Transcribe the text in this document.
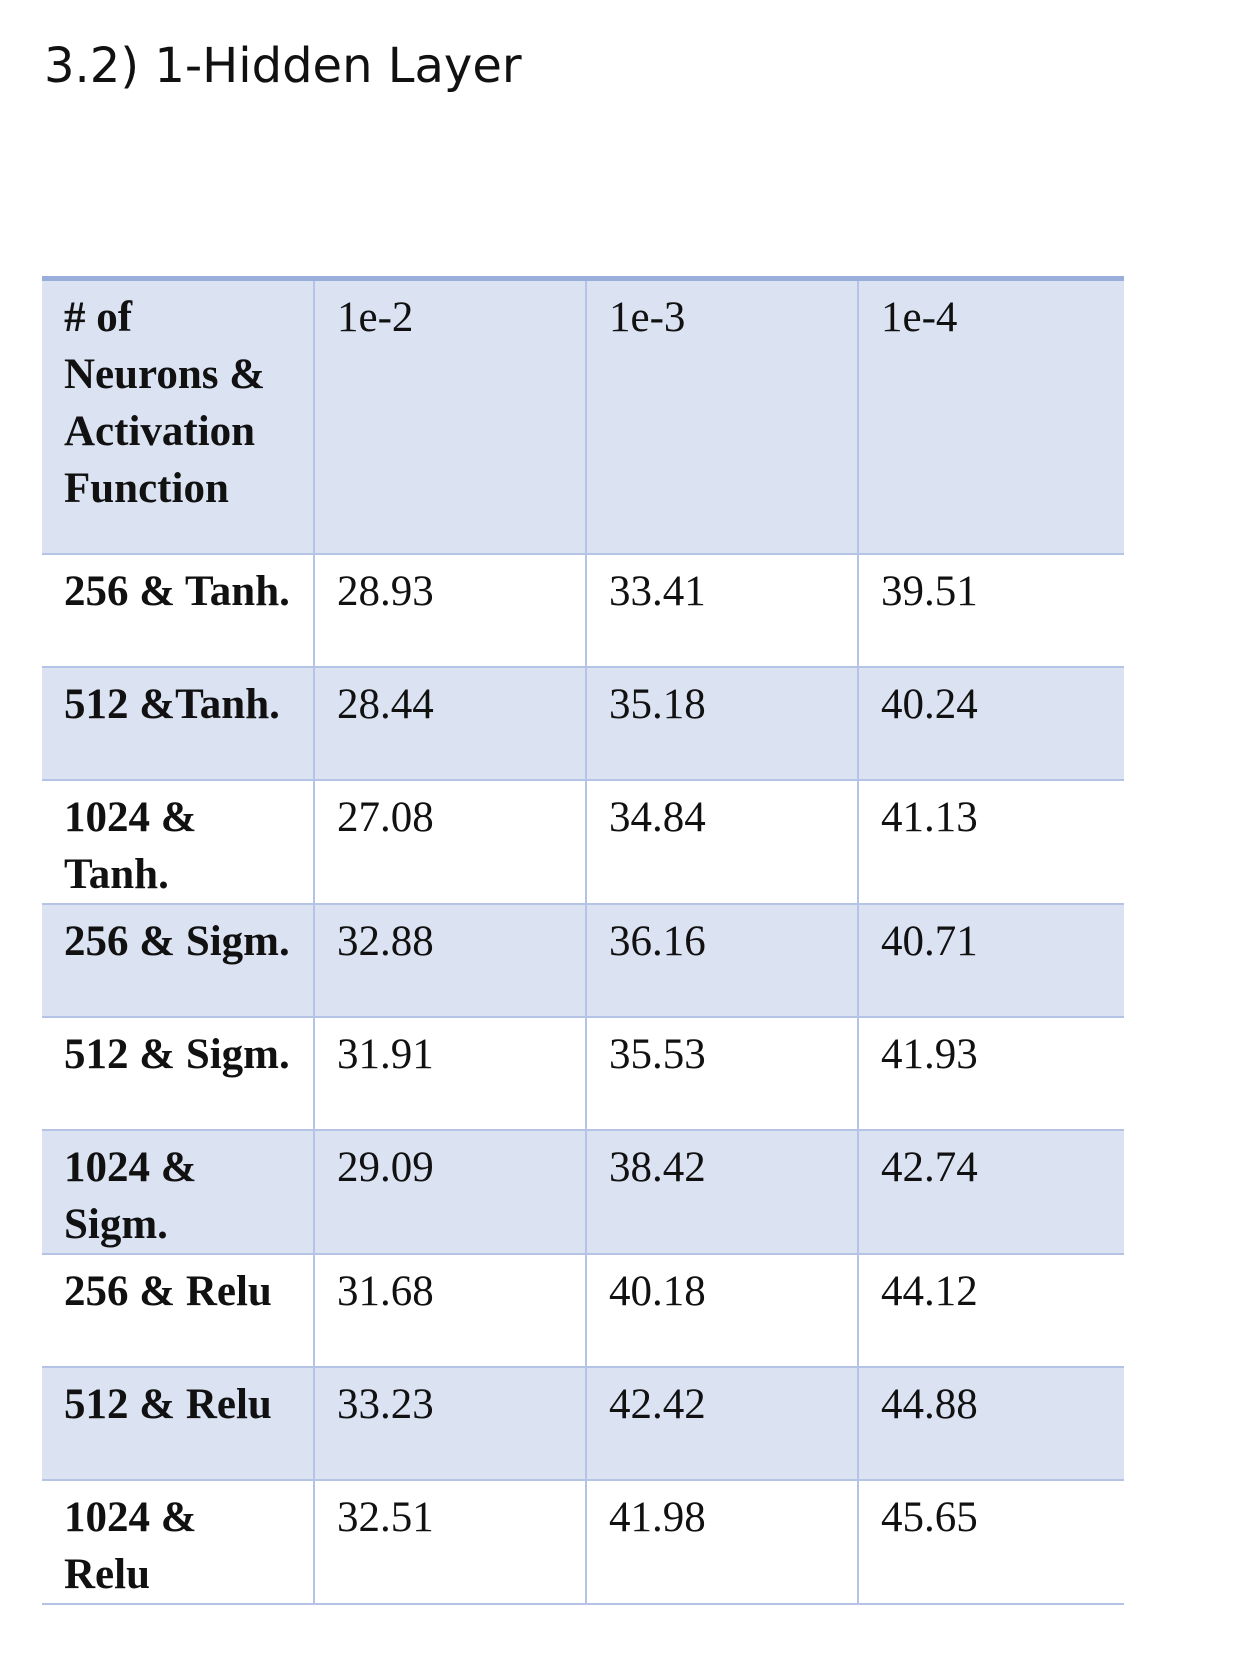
3.2) 1-Hidden Layer
# of Neurons & Activation Function	1e-2	1e-3	1e-4
256 & Tanh.	28.93	33.41	39.51
512 &Tanh.	28.44	35.18	40.24
1024 & Tanh.	27.08	34.84	41.13
256 & Sigm.	32.88	36.16	40.71
512 & Sigm.	31.91	35.53	41.93
1024 & Sigm.	29.09	38.42	42.74
256 & Relu	31.68	40.18	44.12
512 & Relu	33.23	42.42	44.88
1024 & Relu	32.51	41.98	45.65
